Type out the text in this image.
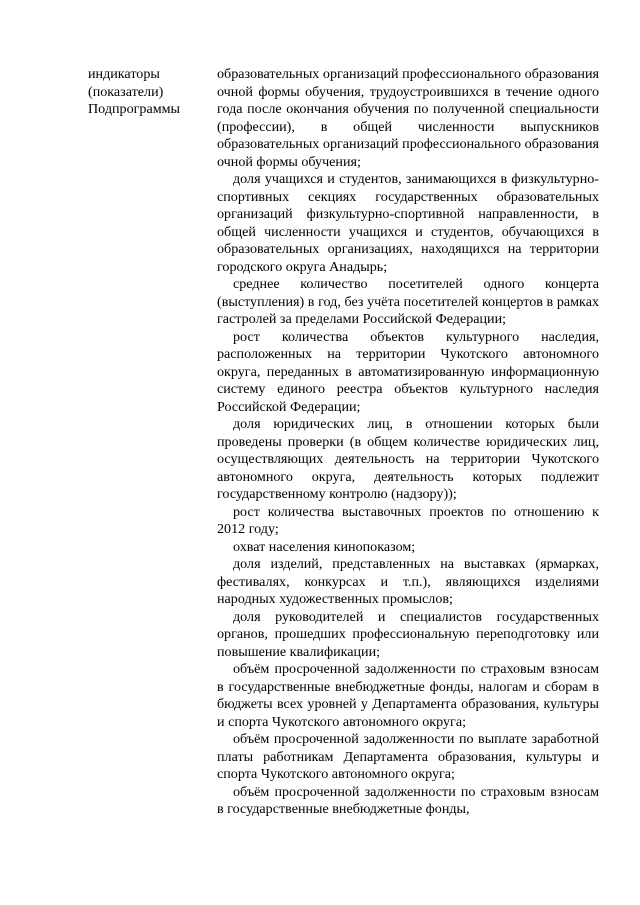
индикаторы
(показатели)
Подпрограммы

образовательных организаций профессионального образования очной формы обучения, трудоустроившихся в течение одного года после окончания обучения по полученной специальности (профессии), в общей численности выпускников образовательных организаций профессионального образования очной формы обучения;

доля учащихся и студентов, занимающихся в физкультурно-спортивных секциях государственных образовательных организаций физкультурно-спортивной направленности, в общей численности учащихся и студентов, обучающихся в образовательных организациях, находящихся на территории городского округа Анадырь;

среднее количество посетителей одного концерта (выступления) в год, без учёта посетителей концертов в рамках гастролей за пределами Российской Федерации;

рост количества объектов культурного наследия, расположенных на территории Чукотского автономного округа, переданных в автоматизированную информационную систему единого реестра объектов культурного наследия Российской Федерации;

доля юридических лиц, в отношении которых были проведены проверки (в общем количестве юридических лиц, осуществляющих деятельность на территории Чукотского автономного округа, деятельность которых подлежит государственному контролю (надзору));

рост количества выставочных проектов по отношению к 2012 году;

охват населения кинопоказом;

доля изделий, представленных на выставках (ярмарках, фестивалях, конкурсах и т.п.), являющихся изделиями народных художественных промыслов;

доля руководителей и специалистов государственных органов, прошедших профессиональную переподготовку или повышение квалификации;

объём просроченной задолженности по страховым взносам в государственные внебюджетные фонды, налогам и сборам в бюджеты всех уровней у Департамента образования, культуры и спорта Чукотского автономного округа;

объём просроченной задолженности по выплате заработной платы работникам Департамента образования, культуры и спорта Чукотского автономного округа;

объём просроченной задолженности по страховым взносам в государственные внебюджетные фонды,
